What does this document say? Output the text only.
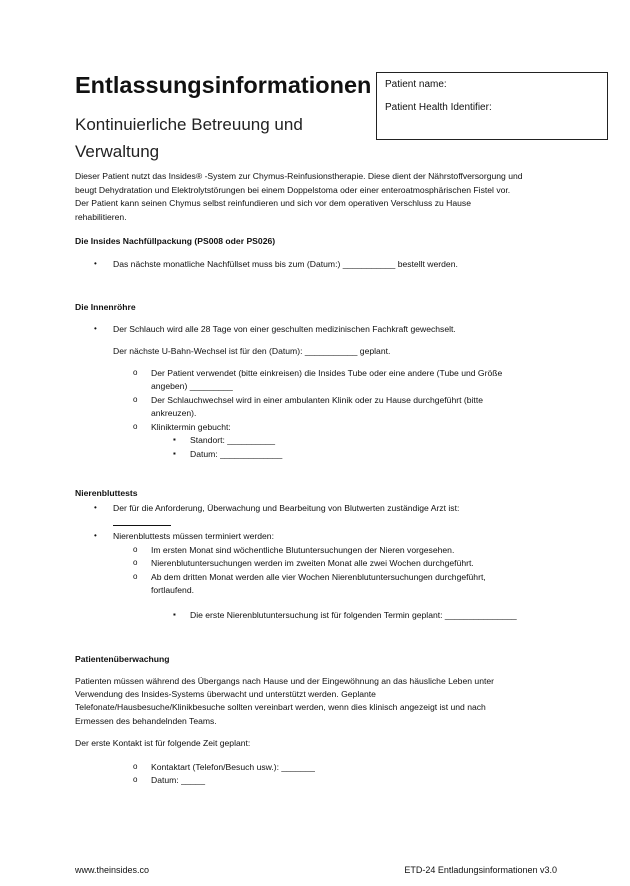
Entlassungsinformationen Patient name:
Patient Health Identifier:
Kontinuierliche Betreuung und
Verwaltung
Dieser Patient nutzt das Insides® -System zur Chymus-Reinfusionstherapie. Diese dient der Nährstoffversorgung und
beugt Dehydratation und Elektrolytstörungen bei einem Doppelstoma oder einer enteroatmosphärischen Fistel vor.
Der Patient kann seinen Chymus selbst reinfundieren und sich vor dem operativen Verschluss zu Hause
rehabilitieren.
Die Insides Nachfüllpackung (PS008 oder PS026)
• Das nächste monatliche Nachfüllset muss bis zum (Datum:) ___________ bestellt werden.
Die Innenröhre
• Der Schlauch wird alle 28 Tage von einer geschulten medizinischen Fachkraft gewechselt.
Der nächste U-Bahn-Wechsel ist für den (Datum): ___________ geplant.
o Der Patient verwendet (bitte einkreisen) die Insides Tube oder eine andere (Tube und Größe
angeben) _________
o Der Schlauchwechsel wird in einer ambulanten Klinik oder zu Hause durchgeführt (bitte
ankreuzen).
o Kliniktermin gebucht:
▪ Standort: __________
▪ Datum: _____________
Nierenbluttests
• Der für die Anforderung, Überwachung und Bearbeitung von Blutwerten zuständige Arzt ist:
• Nierenbluttests müssen terminiert werden:
o Im ersten Monat sind wöchentliche Blutuntersuchungen der Nieren vorgesehen.
o Nierenblutuntersuchungen werden im zweiten Monat alle zwei Wochen durchgeführt.
o Ab dem dritten Monat werden alle vier Wochen Nierenblutuntersuchungen durchgeführt,
fortlaufend.
▪ Die erste Nierenblutuntersuchung ist für folgenden Termin geplant: _______________
Patientenüberwachung
Patienten müssen während des Übergangs nach Hause und der Eingewöhnung an das häusliche Leben unter
Verwendung des Insides-Systems überwacht und unterstützt werden. Geplante
Telefonate/Hausbesuche/Klinikbesuche sollten vereinbart werden, wenn dies klinisch angezeigt ist und nach
Ermessen des behandelnden Teams.
Der erste Kontakt ist für folgende Zeit geplant:
o Kontaktart (Telefon/Besuch usw.): _______
o Datum: _____
www.theinsides.co	ETD-24 Entladungsinformationen v3.0
